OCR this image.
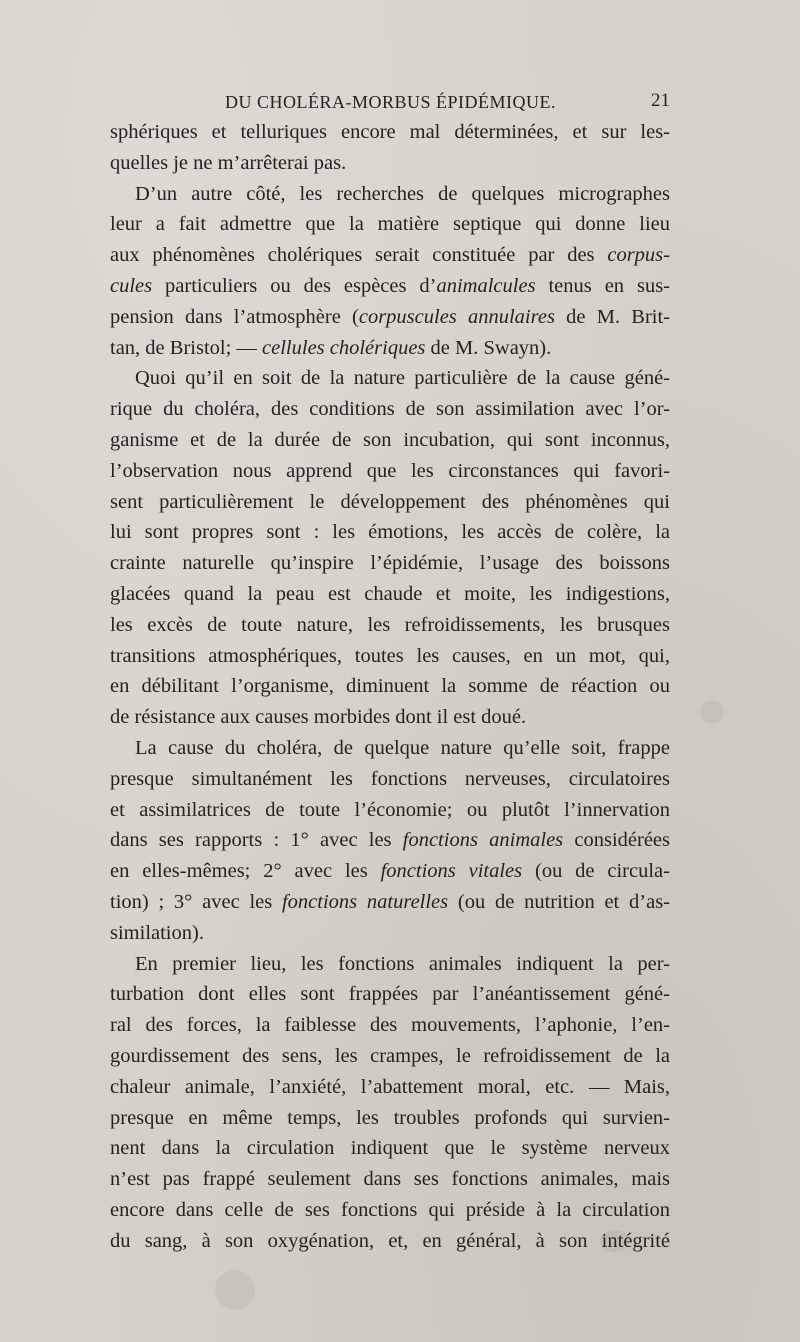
DU CHOLÉRA-MORBUS ÉPIDÉMIQUE.	21
sphériques et telluriques encore mal déterminées, et sur les-
quelles je ne m’arrêterai pas.
D’un autre côté, les recherches de quelques micrographes
leur a fait admettre que la matière septique qui donne lieu
aux phénomènes cholériques serait constituée par des corpus-
cules particuliers ou des espèces d’animalcules tenus en sus-
pension dans l’atmosphère (corpuscules annulaires de M. Brit-
tan, de Bristol; — cellules cholériques de M. Swayn).
Quoi qu’il en soit de la nature particulière de la cause géné-
rique du choléra, des conditions de son assimilation avec l’or-
ganisme et de la durée de son incubation, qui sont inconnus,
l’observation nous apprend que les circonstances qui favori-
sent particulièrement le développement des phénomènes qui
lui sont propres sont : les émotions, les accès de colère, la
crainte naturelle qu’inspire l’épidémie, l’usage des boissons
glacées quand la peau est chaude et moite, les indigestions,
les excès de toute nature, les refroidissements, les brusques
transitions atmosphériques, toutes les causes, en un mot, qui,
en débilitant l’organisme, diminuent la somme de réaction ou
de résistance aux causes morbides dont il est doué.
La cause du choléra, de quelque nature qu’elle soit, frappe
presque simultanément les fonctions nerveuses, circulatoires
et assimilatrices de toute l’économie; ou plutôt l’innervation
dans ses rapports : 1° avec les fonctions animales considérées
en elles-mêmes; 2° avec les fonctions vitales (ou de circula-
tion) ; 3° avec les fonctions naturelles (ou de nutrition et d’as-
similation).
En premier lieu, les fonctions animales indiquent la per-
turbation dont elles sont frappées par l’anéantissement géné-
ral des forces, la faiblesse des mouvements, l’aphonie, l’en-
gourdissement des sens, les crampes, le refroidissement de la
chaleur animale, l’anxiété, l’abattement moral, etc. — Mais,
presque en même temps, les troubles profonds qui survien-
nent dans la circulation indiquent que le système nerveux
n’est pas frappé seulement dans ses fonctions animales, mais
encore dans celle de ses fonctions qui préside à la circulation
du sang, à son oxygénation, et, en général, à son intégrité
